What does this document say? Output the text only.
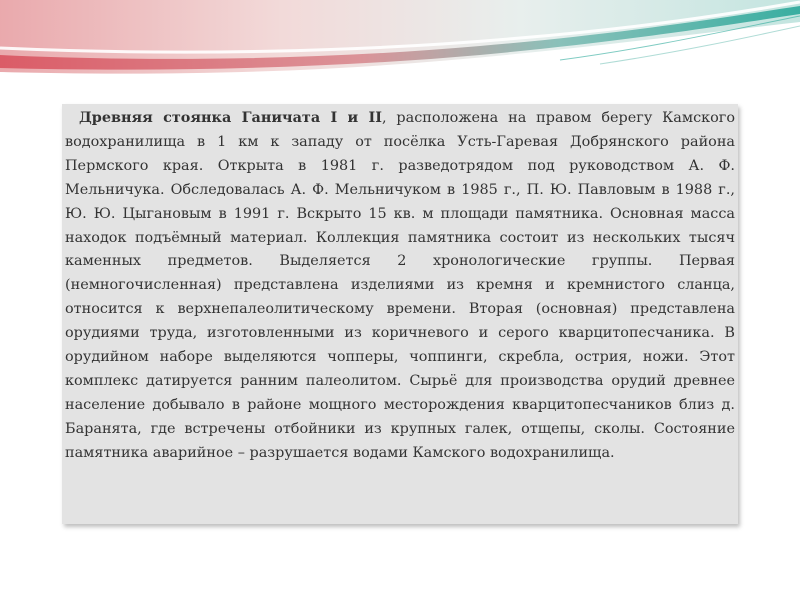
Древняя стоянка Ганичата I и II, расположена на правом берегу Камского водохранилища в 1 км к западу от посёлка Усть-Гаревая Добрянского района Пермского края. Открыта в 1981 г. разведотрядом под руководством А. Ф. Мельничука. Обследовалась А. Ф. Мельничуком в 1985 г., П. Ю. Павловым в 1988 г., Ю. Ю. Цыгановым в 1991 г. Вскрыто 15 кв. м площади памятника. Основная масса находок подъёмный материал. Коллекция памятника состоит из нескольких тысяч каменных предметов. Выделяется 2 хронологические группы. Первая (немногочисленная) представлена изделиями из кремня и кремнистого сланца, относится к верхнепалеолитическому времени. Вторая (основная) представлена орудиями труда, изготовленными из коричневого и серого кварцитопесчаника. В орудийном наборе выделяются чопперы, чоппинги, скребла, острия, ножи. Этот комплекс датируется ранним палеолитом. Сырьё для производства орудий древнее население добывало в районе мощного месторождения кварцитопесчаников близ д. Баранята, где встречены отбойники из крупных галек, отщепы, сколы. Состояние памятника аварийное – разрушается водами Камского водохранилища.
